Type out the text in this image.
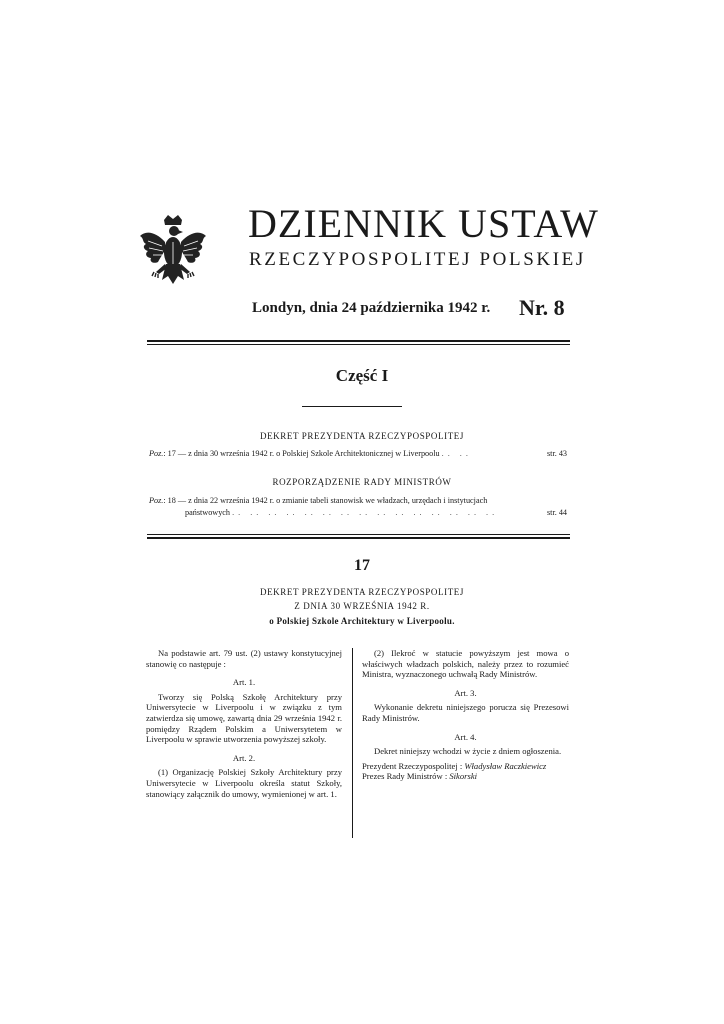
DZIENNIK USTAW
RZECZYPOSPOLITEJ POLSKIEJ
Londyn, dnia 24 października 1942 r. Nr. 8
Część I
DEKRET PREZYDENTA RZECZYPOSPOLITEJ
Poz.: 17 — z dnia 30 września 1942 r. o Polskiej Szkole Architektonicznej w Liverpoolu .. ..	str. 43
ROZPORZĄDZENIE RADY MINISTRÓW
Poz.: 18 — z dnia 22 września 1942 r. o zmianie tabeli stanowisk we władzach, urzędach i instytucjach
państwowych .. .. .. .. .. .. .. .. .. .. .. .. .. .. ..	str. 44
17
DEKRET PREZYDENTA RZECZYPOSPOLITEJ
Z DNIA 30 WRZEŚNIA 1942 R.
o Polskiej Szkole Architektury w Liverpoolu.

Na podstawie art. 79 ust. (2) ustawy konstytucyjnej stanowię co następuje :

Art. 1.

Tworzy się Polską Szkołę Architektury przy Uniwersytecie w Liverpoolu i w związku z tym zatwierdza się umowę, zawartą dnia 29 września 1942 r. pomiędzy Rządem Polskim a Uniwersytetem w Liverpoolu w sprawie utworzenia powyższej szkoły.

Art. 2.

(1) Organizację Polskiej Szkoły Architektury przy Uniwersytecie w Liverpoolu określa statut Szkoły, stanowiący załącznik do umowy, wymienionej w art. 1.

(2) Ilekroć w statucie powyższym jest mowa o właściwych władzach polskich, należy przez to rozumieć Ministra, wyznaczonego uchwałą Rady Ministrów.

Art. 3.

Wykonanie dekretu niniejszego porucza się Prezesowi Rady Ministrów.

Art. 4.

Dekret niniejszy wchodzi w życie z dniem ogłoszenia.

Prezydent Rzeczypospolitej : Władysław Raczkiewicz

Prezes Rady Ministrów : Sikorski
